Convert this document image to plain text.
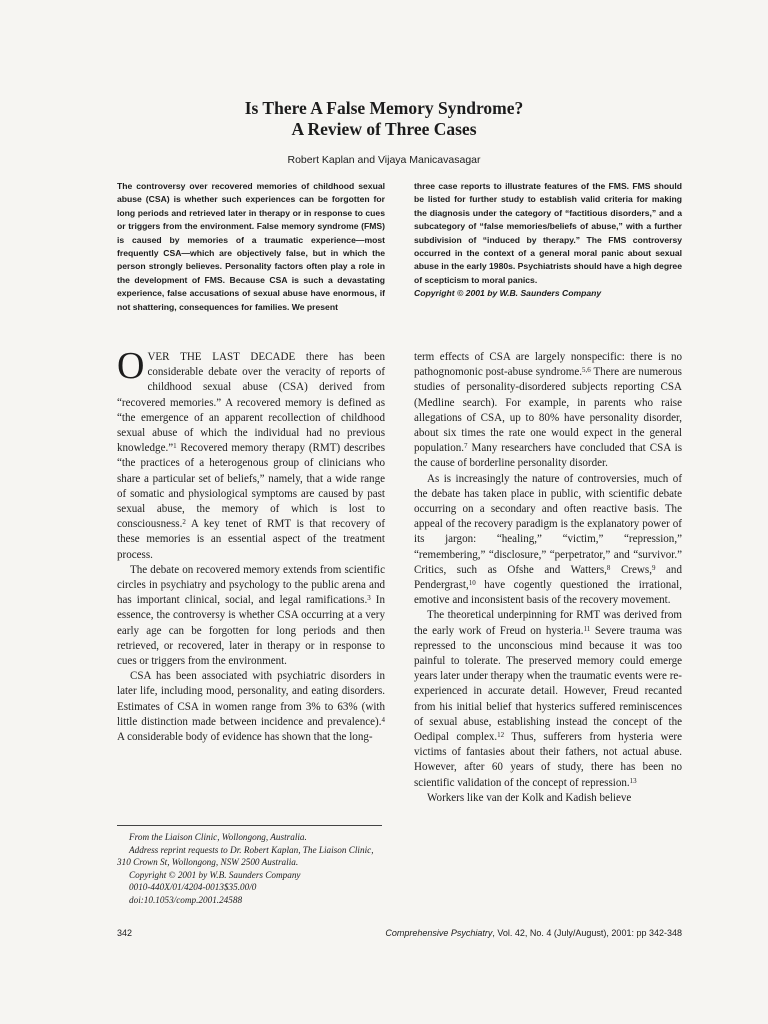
Is There A False Memory Syndrome?
A Review of Three Cases
Robert Kaplan and Vijaya Manicavasagar

The controversy over recovered memories of childhood sexual abuse (CSA) is whether such experiences can be forgotten for long periods and retrieved later in therapy or in response to cues or triggers from the environment. False memory syndrome (FMS) is caused by memories of a traumatic experience—most frequently CSA—which are objectively false, but in which the person strongly believes. Personality factors often play a role in the development of FMS. Because CSA is such a devastating experience, false accusations of sexual abuse have enormous, if not shattering, consequences for families. We present

three case reports to illustrate features of the FMS. FMS should be listed for further study to establish valid criteria for making the diagnosis under the category of “factitious disorders,” and a subcategory of “false memories/beliefs of abuse,” with a further subdivision of “induced by therapy.” The FMS controversy occurred in the context of a general moral panic about sexual abuse in the early 1980s. Psychiatrists should have a high degree of scepticism to moral panics.

Copyright © 2001 by W.B. Saunders Company

OVER THE LAST DECADE there has been considerable debate over the veracity of reports of childhood sexual abuse (CSA) derived from “recovered memories.” A recovered memory is defined as “the emergence of an apparent recollection of childhood sexual abuse of which the individual had no previous knowledge.”$^1$ Recovered memory therapy (RMT) describes “the practices of a heterogenous group of clinicians who share a particular set of beliefs,” namely, that a wide range of somatic and physiological symptoms are caused by past sexual abuse, the memory of which is lost to consciousness.$^2$ A key tenet of RMT is that recovery of these memories is an essential aspect of the treatment process.

The debate on recovered memory extends from scientific circles in psychiatry and psychology to the public arena and has important clinical, social, and legal ramifications.$^3$ In essence, the controversy is whether CSA occurring at a very early age can be forgotten for long periods and then retrieved, or recovered, later in therapy or in response to cues or triggers from the environment.

CSA has been associated with psychiatric disorders in later life, including mood, personality, and eating disorders. Estimates of CSA in women range from 3% to 63% (with little distinction made between incidence and prevalence).$^4$ A considerable body of evidence has shown that the long-

From the Liaison Clinic, Wollongong, Australia.
Address reprint requests to Dr. Robert Kaplan, The Liaison Clinic, 310 Crown St, Wollongong, NSW 2500 Australia.
Copyright © 2001 by W.B. Saunders Company
0010-440X/01/4204-0013$35.00/0
doi:10.1053/comp.2001.24588

term effects of CSA are largely nonspecific: there is no pathognomonic post-abuse syndrome.$^{5,6}$ There are numerous studies of personality-disordered subjects reporting CSA (Medline search). For example, in parents who raise allegations of CSA, up to 80% have personality disorder, about six times the rate one would expect in the general population.$^7$ Many researchers have concluded that CSA is the cause of borderline personality disorder.

As is increasingly the nature of controversies, much of the debate has taken place in public, with scientific debate occurring on a secondary and often reactive basis. The appeal of the recovery paradigm is the explanatory power of its jargon: “healing,” “victim,” “repression,” “remembering,” “disclosure,” “perpetrator,” and “survivor.” Critics, such as Ofshe and Watters,$^8$ Crews,$^9$ and Pendergrast,$^{10}$ have cogently questioned the irrational, emotive and inconsistent basis of the recovery movement.

The theoretical underpinning for RMT was derived from the early work of Freud on hysteria.$^{11}$ Severe trauma was repressed to the unconscious mind because it was too painful to tolerate. The preserved memory could emerge years later under therapy when the traumatic events were re-experienced in accurate detail. However, Freud recanted from his initial belief that hysterics suffered reminiscences of sexual abuse, establishing instead the concept of the Oedipal complex.$^{12}$ Thus, sufferers from hysteria were victims of fantasies about their fathers, not actual abuse. However, after 60 years of study, there has been no scientific validation of the concept of repression.$^{13}$

Workers like van der Kolk and Kadish believe

342	Comprehensive Psychiatry, Vol. 42, No. 4 (July/August), 2001: pp 342-348
